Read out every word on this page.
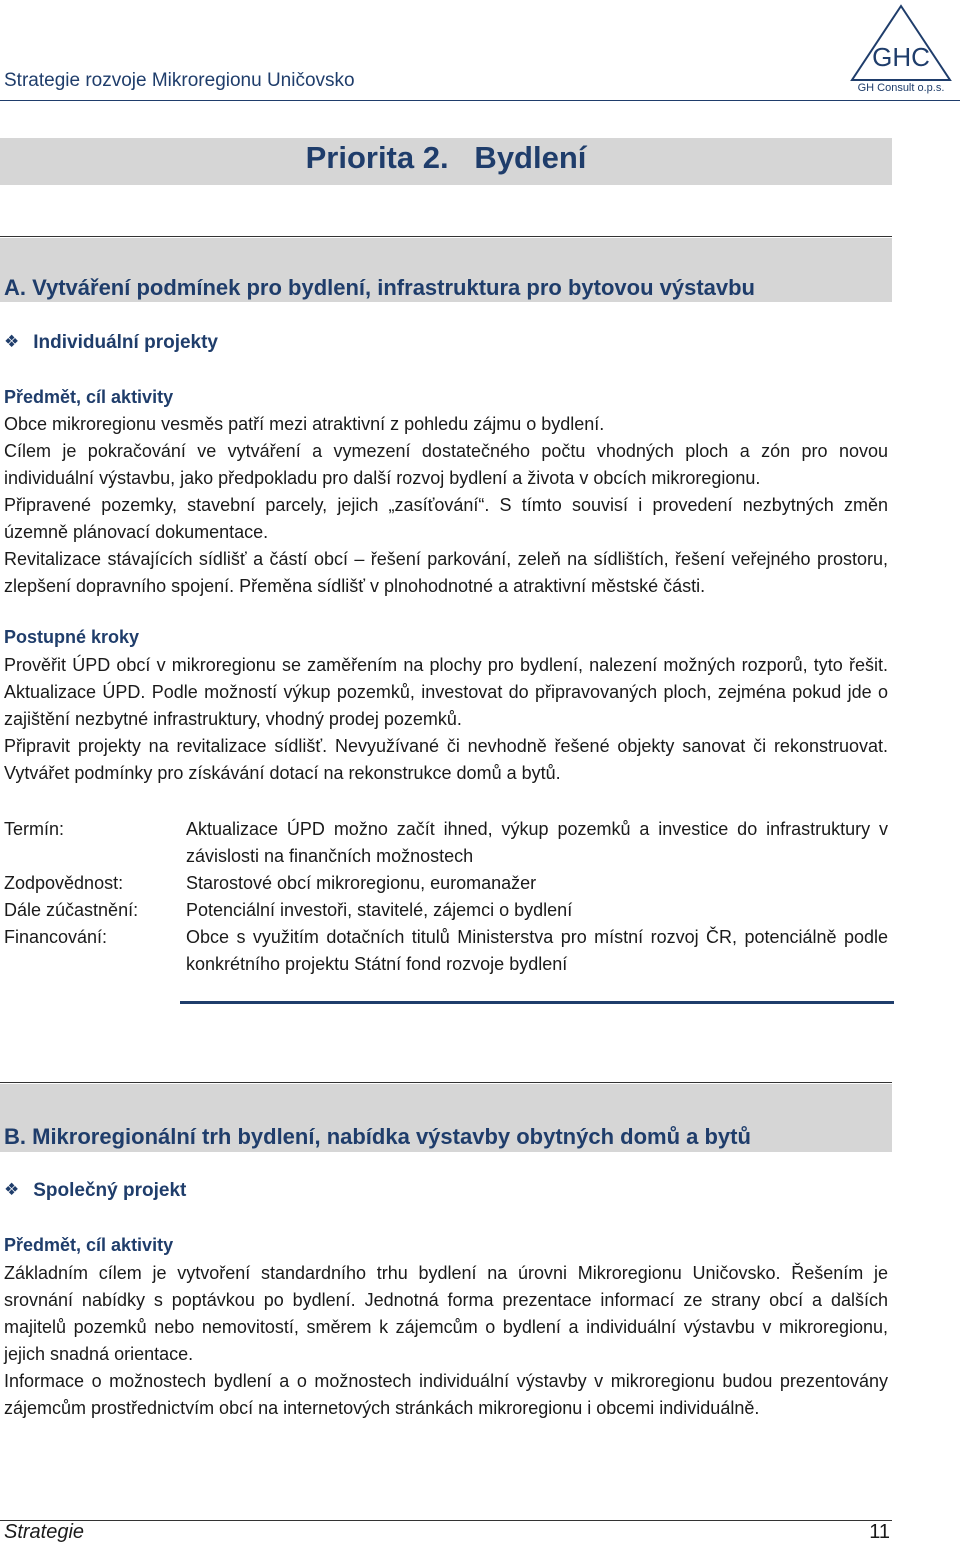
Strategie rozvoje Mikroregionu Uničovsko
GHC
GH Consult o.p.s.
Priorita 2.   Bydlení
A. Vytváření podmínek pro bydlení, infrastruktura pro bytovou výstavbu
❖ Individuální projekty
Předmět, cíl aktivity

Obce mikroregionu vesměs patří mezi atraktivní z pohledu zájmu o bydlení.

Cílem je pokračování ve vytváření a vymezení dostatečného počtu vhodných ploch a zón pro novou individuální výstavbu, jako předpokladu pro další rozvoj bydlení a života v obcích mikroregionu.

Připravené pozemky, stavební parcely, jejich „zasíťování“. S tímto souvisí i provedení nezbytných změn územně plánovací dokumentace.

Revitalizace stávajících sídlišť a částí obcí – řešení parkování, zeleň na sídlištích, řešení veřejného prostoru, zlepšení dopravního spojení. Přeměna sídlišť v plnohodnotné a atraktivní městské části.

Postupné kroky

Prověřit ÚPD obcí v mikroregionu se zaměřením na plochy pro bydlení, nalezení možných rozporů, tyto řešit. Aktualizace ÚPD. Podle možností výkup pozemků, investovat do připravovaných ploch, zejména pokud jde o zajištění nezbytné infrastruktury, vhodný prodej pozemků.

Připravit projekty na revitalizace sídlišť. Nevyužívané či nevhodně řešené objekty sanovat či rekonstruovat. Vytvářet podmínky pro získávání dotací na rekonstrukce domů a bytů.

Termín:	Aktualizace ÚPD možno začít ihned, výkup pozemků a investice do infrastruktury v závislosti na finančních možnostech
Zodpovědnost:	Starostové obcí mikroregionu, euromanažer
Dále zúčastnění:	Potenciální investoři, stavitelé, zájemci o bydlení
Financování:	Obce s využitím dotačních titulů Ministerstva pro místní rozvoj ČR, potenciálně podle konkrétního projektu Státní fond rozvoje bydlení
B. Mikroregionální trh bydlení, nabídka výstavby obytných domů a bytů
❖ Společný projekt
Předmět, cíl aktivity

Základním cílem je vytvoření standardního trhu bydlení na úrovni Mikroregionu Uničovsko. Řešením je srovnání nabídky s poptávkou po bydlení. Jednotná forma prezentace informací ze strany obcí a dalších majitelů pozemků nebo nemovitostí, směrem k zájemcům o bydlení a individuální výstavbu v mikroregionu, jejich snadná orientace.

Informace o možnostech bydlení a o možnostech individuální výstavby v mikroregionu budou prezentovány zájemcům prostřednictvím obcí na internetových stránkách mikroregionu i obcemi individuálně.

Strategie	11
